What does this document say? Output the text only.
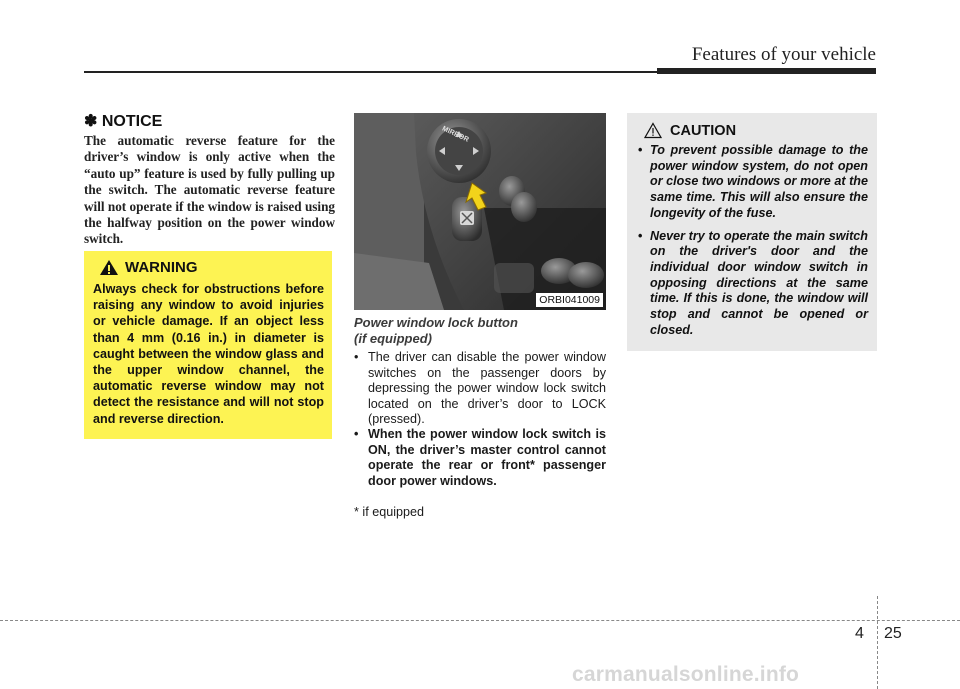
Features of your vehicle
✽ NOTICE
The automatic reverse feature for the driver’s window is only active when the “auto up” feature is used by fully pulling up the switch. The automatic reverse feature will not operate if the window is raised using the halfway position on the power window switch.
WARNING
Always check for obstructions before raising any window to avoid injuries or vehicle damage. If an object less than 4 mm (0.16 in.) in diameter is caught between the window glass and the upper window channel, the automatic reverse window may not detect the resistance and will not stop and reverse direction.
MIRROR
ORBI041009
Power window lock button
(if equipped)
• The driver can disable the power window switches on the passenger doors by depressing the power window lock switch located on the driver’s door to LOCK (pressed).
• When the power window lock switch is ON, the driver’s master control cannot operate the rear or front* passenger door power windows.
* if equipped
CAUTION
• To prevent possible damage to the power window system, do not open or close two windows or more at the same time. This will also ensure the longevity of the fuse.
• Never try to operate the main switch on the driver's door and the individual door window switch in opposing directions at the same time. If this is done, the window will stop and cannot be opened or closed.
4 25
carmanualsonline.info
